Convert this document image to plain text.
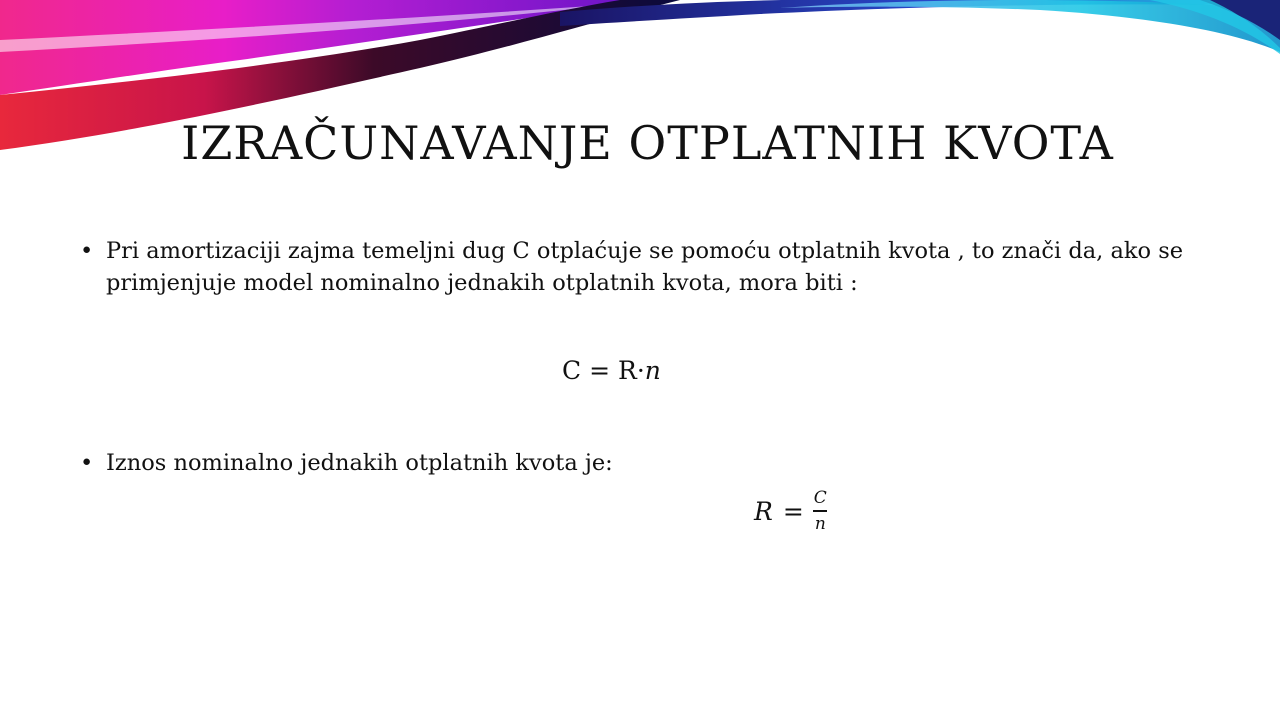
IZRAČUNAVANJE OTPLATNIH KVOTA
• Pri amortizaciji zajma temeljni dug C otplaćuje se pomoću otplatnih kvota , to znači da, ako se primjenjuje model nominalno jednakih otplatnih kvota, mora biti :
C = R·n
• Iznos nominalno jednakih otplatnih kvota je:
$R = \frac{C}{n}$
